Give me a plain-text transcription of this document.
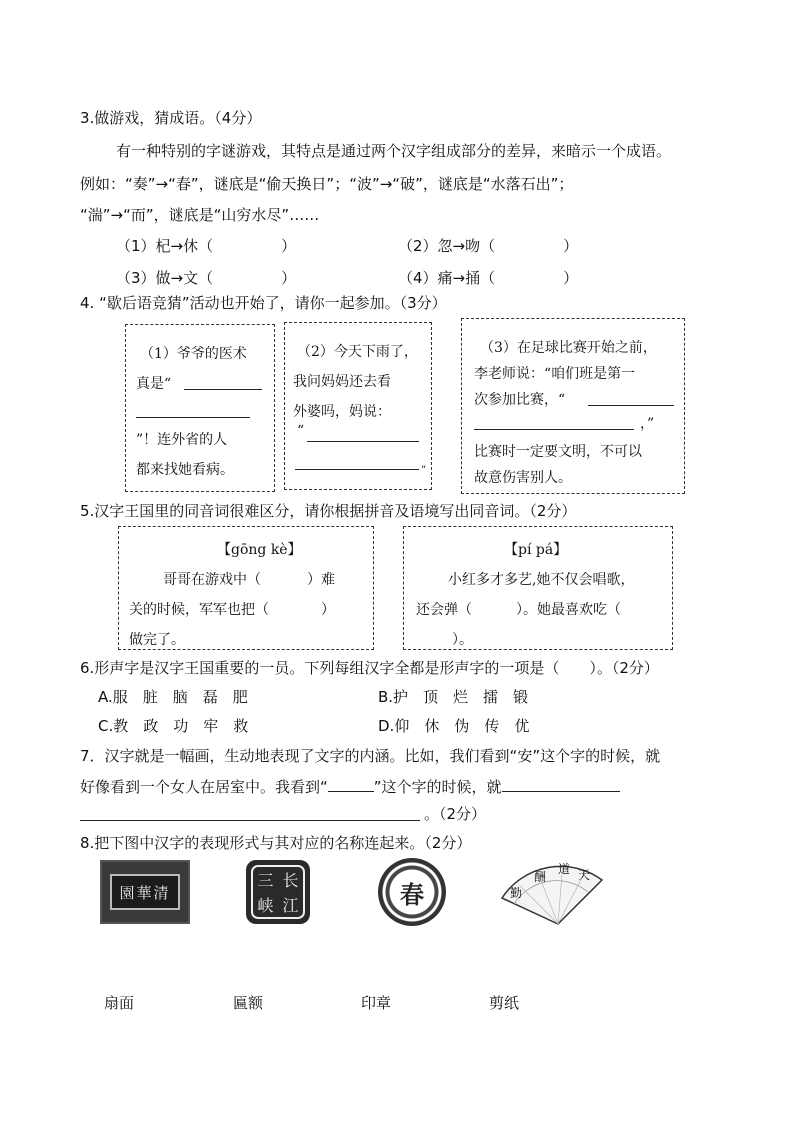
3.做游戏，猜成语。（4分）
有一种特别的字谜游戏，其特点是通过两个汉字组成部分的差异，来暗示一个成语。
例如：“奏”→“春”，谜底是“偷天换日”；“波”→“破”，谜底是“水落石出”；
“湍”→“而”，谜底是“山穷水尽”……
（1）杞→休（	）	（2）忽→吻（	）
（3）做→文（	）	（4）痛→捅（	）
4. “歇后语竞猜”活动也开始了，请你一起参加。（3分）
（1）爷爷的医术
真是“
”！连外省的人
都来找她看病。
（2）今天下雨了，
我问妈妈还去看
外婆吗，妈说：
“
”
（3）在足球比赛开始之前，
李老师说：“咱们班是第一
次参加比赛，“
，”
比赛时一定要文明，不可以
故意伤害别人。
5.汉字王国里的同音词很难区分，请你根据拼音及语境写出同音词。（2分）
【gōng kè】
哥哥在游戏中（	）难
关的时候，军军也把（	）
做完了。
【pí pá】
小红多才多艺,她不仅会唱歌，
还会弹（	）。她最喜欢吃（
）。
6.形声字是汉字王国重要的一员。下列每组汉字全都是形声字的一项是（　　）。（2分）
A.服　脏　脑　磊　肥	B.护　顶　烂　擂　锻
C.教　政　功　牢　救	D.仰　休　伪　传　优
7．汉字就是一幅画，生动地表现了文字的内涵。比如，我们看到“安”这个字的时候，就
好像看到一个女人在居室中。我看到“	”这个字的时候，就
。（2分）
8.把下图中汉字的表现形式与其对应的名称连起来。（2分）
清華園
三 长
峡 江	春
天
道
酬
勤
扇面	匾额	印章	剪纸
